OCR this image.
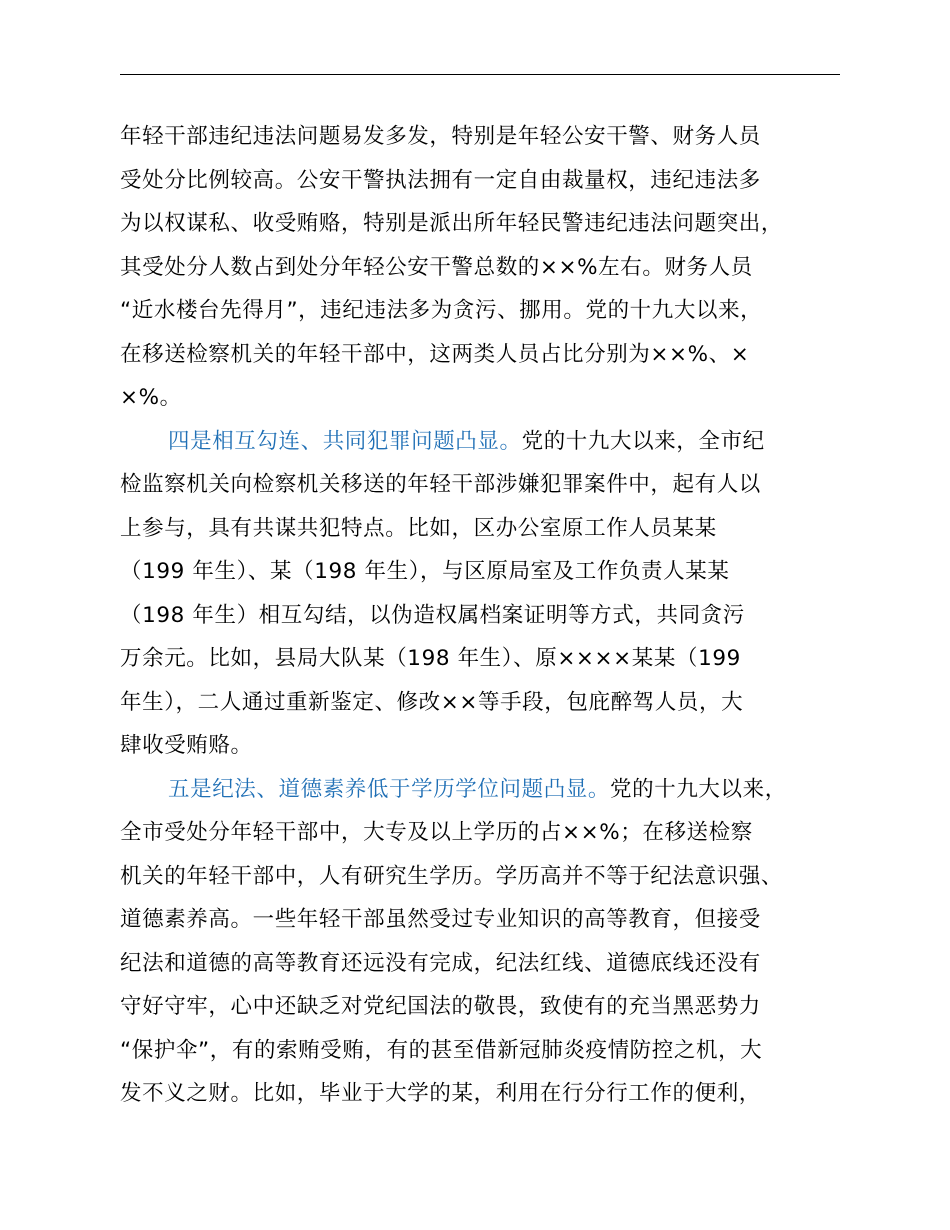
年轻干部违纪违法问题易发多发，特别是年轻公安干警、财务人员
受处分比例较高。公安干警执法拥有一定自由裁量权，违纪违法多
为以权谋私、收受贿赂，特别是派出所年轻民警违纪违法问题突出，
其受处分人数占到处分年轻公安干警总数的××%左右。财务人员
“近水楼台先得月”，违纪违法多为贪污、挪用。党的十九大以来，
在移送检察机关的年轻干部中，这两类人员占比分别为××%、×
×%。

四是相互勾连、共同犯罪问题凸显。党的十九大以来，全市纪
检监察机关向检察机关移送的年轻干部涉嫌犯罪案件中，起有人以
上参与，具有共谋共犯特点。比如，区办公室原工作人员某某
（199 年生）、某（198 年生），与区原局室及工作负责人某某
（198 年生）相互勾结，以伪造权属档案证明等方式，共同贪污
万余元。比如，县局大队某（198 年生）、原××××某某（199
年生），二人通过重新鉴定、修改××等手段，包庇醉驾人员，大
肆收受贿赂。

五是纪法、道德素养低于学历学位问题凸显。党的十九大以来，
全市受处分年轻干部中，大专及以上学历的占××%；在移送检察
机关的年轻干部中，人有研究生学历。学历高并不等于纪法意识强、
道德素养高。一些年轻干部虽然受过专业知识的高等教育，但接受
纪法和道德的高等教育还远没有完成，纪法红线、道德底线还没有
守好守牢，心中还缺乏对党纪国法的敬畏，致使有的充当黑恶势力
“保护伞”，有的索贿受贿，有的甚至借新冠肺炎疫情防控之机，大
发不义之财。比如，毕业于大学的某，利用在行分行工作的便利，
